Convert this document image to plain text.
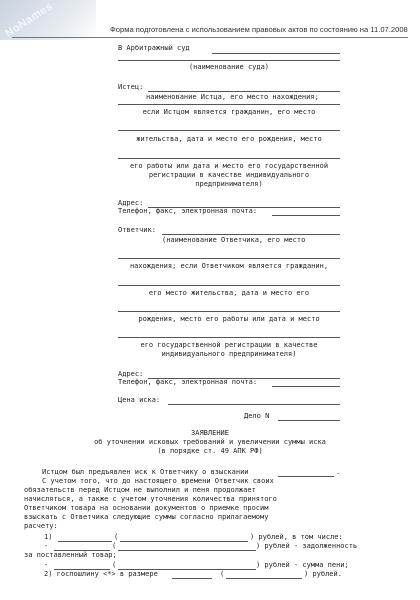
NoNames	Форма подготовлена с использованием правовых актов по состоянию на 11.07.2008
В Арбитражный суд
(наименование суда)
Истец:
наименование Истца, его место нахождения;
если Истцом является гражданин, его место
жительства, дата и место его рождения, место
его работы или дата и место его государственной
регистрации в качестве индивидуального
предпринимателя)
Адрес:
Телефон, факс, электронная почта:
Ответчик:
(наименование Ответчика, его место
нахождения; если Ответчиком является гражданин,
его место жительства, дата и место его
рождения, место его работы или дата и место
его государственной регистрации в качестве
индивидуального предпринимателя)
Адрес:
Телефон, факс, электронная почта:
Цена иска:
Дело N
ЗАЯВЛЕНИЕ
об уточнении исковых требований и увеличении суммы иска
(в порядке ст. 49 АПК РФ)
Истцом был предъявлен иск к Ответчику о взыскании	.
С учетом того, что до настоящего времени Ответчик своих
обязательств перед Истцом не выполнил и пеня продолжает
начисляться, а также с учетом уточнения количества принятого
Ответчиком товара на основании документов о приемке просим
взыскать с Ответчика следующие суммы согласно прилагаемому
расчету:
1)	(	) рублей, в том числе:
-	(	) рублей - задолженность
за поставленный товар;
-	(	) рублей - сумма пени;
2) госпошлину <*> в размере	(	) рублей.
